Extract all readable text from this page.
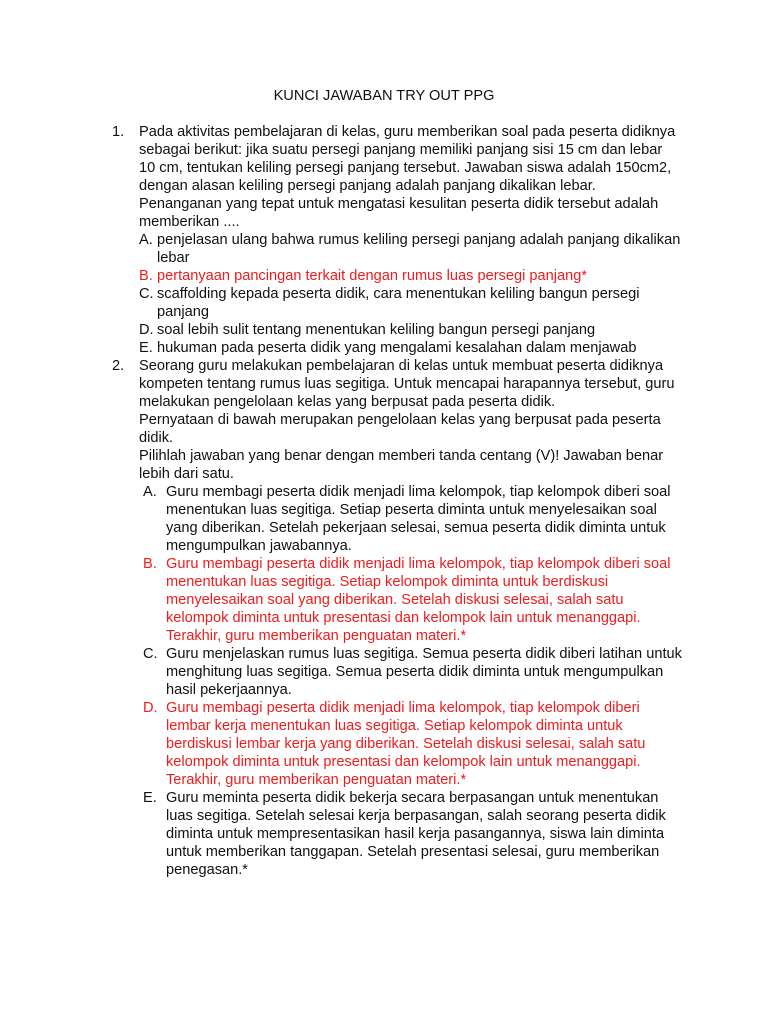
KUNCI JAWABAN TRY OUT PPG
1.	Pada aktivitas pembelajaran di kelas, guru memberikan soal pada peserta didiknya sebagai berikut: jika suatu persegi panjang memiliki panjang sisi 15 cm dan lebar 10 cm, tentukan keliling persegi panjang tersebut. Jawaban siswa adalah 150cm2, dengan alasan keliling persegi panjang adalah panjang dikalikan lebar. Penanganan yang tepat untuk mengatasi kesulitan peserta didik tersebut adalah memberikan ....

A. penjelasan ulang bahwa rumus keliling persegi panjang adalah panjang dikalikan lebar
B. pertanyaan pancingan terkait dengan rumus luas persegi panjang*
C. scaffolding kepada peserta didik, cara menentukan keliling bangun persegi panjang
D. soal lebih sulit tentang menentukan keliling bangun persegi panjang
E. hukuman pada peserta didik yang mengalami kesalahan dalam menjawab
2.	Seorang guru melakukan pembelajaran di kelas untuk membuat peserta didiknya kompeten tentang rumus luas segitiga. Untuk mencapai harapannya tersebut, guru melakukan pengelolaan kelas yang berpusat pada peserta didik.

Pernyataan di bawah merupakan pengelolaan kelas yang berpusat pada peserta didik.

Pilihlah jawaban yang benar dengan memberi tanda centang (V)! Jawaban benar lebih dari satu.

A. Guru membagi peserta didik menjadi lima kelompok, tiap kelompok diberi soal menentukan luas segitiga. Setiap peserta diminta untuk menyelesaikan soal yang diberikan. Setelah pekerjaan selesai, semua peserta didik diminta untuk mengumpulkan jawabannya.
B. Guru membagi peserta didik menjadi lima kelompok, tiap kelompok diberi soal menentukan luas segitiga. Setiap kelompok diminta untuk berdiskusi menyelesaikan soal yang diberikan. Setelah diskusi selesai, salah satu kelompok diminta untuk presentasi dan kelompok lain untuk menanggapi. Terakhir, guru memberikan penguatan materi.*
C. Guru menjelaskan rumus luas segitiga. Semua peserta didik diberi latihan untuk menghitung luas segitiga. Semua peserta didik diminta untuk mengumpulkan hasil pekerjaannya.
D. Guru membagi peserta didik menjadi lima kelompok, tiap kelompok diberi lembar kerja menentukan luas segitiga. Setiap kelompok diminta untuk berdiskusi lembar kerja yang diberikan. Setelah diskusi selesai, salah satu kelompok diminta untuk presentasi dan kelompok lain untuk menanggapi. Terakhir, guru memberikan penguatan materi.*
E. Guru meminta peserta didik bekerja secara berpasangan untuk menentukan luas segitiga. Setelah selesai kerja berpasangan, salah seorang peserta didik diminta untuk mempresentasikan hasil kerja pasangannya, siswa lain diminta untuk memberikan tanggapan. Setelah presentasi selesai, guru memberikan penegasan.*
